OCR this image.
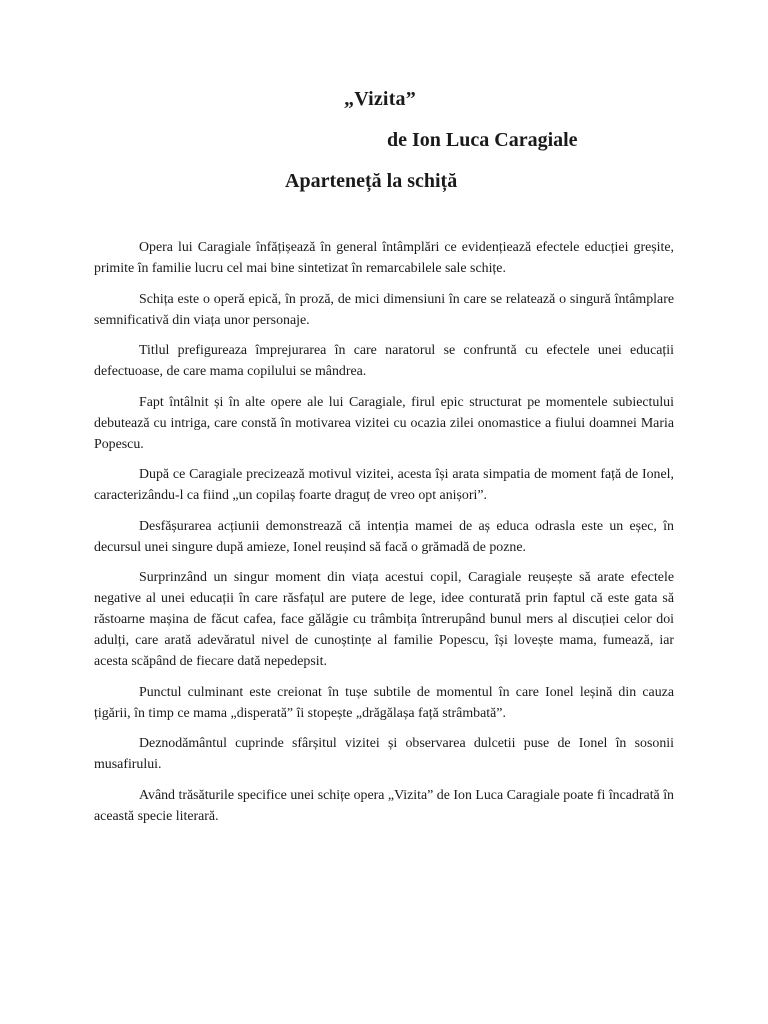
„Vizita”
de Ion Luca Caragiale
Aparteneță la schiță

Opera lui Caragiale înfățișează în general întâmplări ce evidențiează efectele educției greșite, primite în familie lucru cel mai bine sintetizat în remarcabilele sale schițe.

Schița este o operă epică, în proză, de mici dimensiuni în care se relatează o singură întâmplare semnificativă din viața unor personaje.

Titlul prefigureaza împrejurarea în care naratorul se confruntă cu efectele unei educații defectuoase, de care mama copilului se mândrea.

Fapt întâlnit și în alte opere ale lui Caragiale, firul epic structurat pe momentele subiectului debutează cu intriga, care constă în motivarea vizitei cu ocazia zilei onomastice a fiului doamnei Maria Popescu.

După ce Caragiale precizează motivul vizitei, acesta își arata simpatia de moment față de Ionel, caracterizându-l ca fiind „un copilaș foarte draguț de vreo opt anișori”.

Desfășurarea acțiunii demonstrează că intenția mamei de aș educa odrasla este un eșec, în decursul unei singure după amieze, Ionel reușind să facă o grămadă de pozne.

Surprinzând un singur moment din viața acestui copil, Caragiale reușește să arate efectele negative al unei educații în care răsfațul are putere de lege, idee conturată prin faptul că este gata să răstoarne mașina de făcut cafea, face gălăgie cu trâmbița întrerupând bunul mers al discuției celor doi adulți, care arată adevăratul nivel de cunoștințe al familie Popescu, își lovește mama, fumează, iar acesta scăpând de fiecare dată nepedepsit.

Punctul culminant este creionat în tușe subtile de momentul în care Ionel leșină din cauza țigării, în timp ce mama „disperată” îi stopește „drăgălașa față strâmbată”.

Deznodământul cuprinde sfârșitul vizitei și observarea dulcetii puse de Ionel în sosonii musafirului.

Având trăsăturile specifice unei schițe opera „Vizita” de Ion Luca Caragiale poate fi încadrată în această specie literară.
